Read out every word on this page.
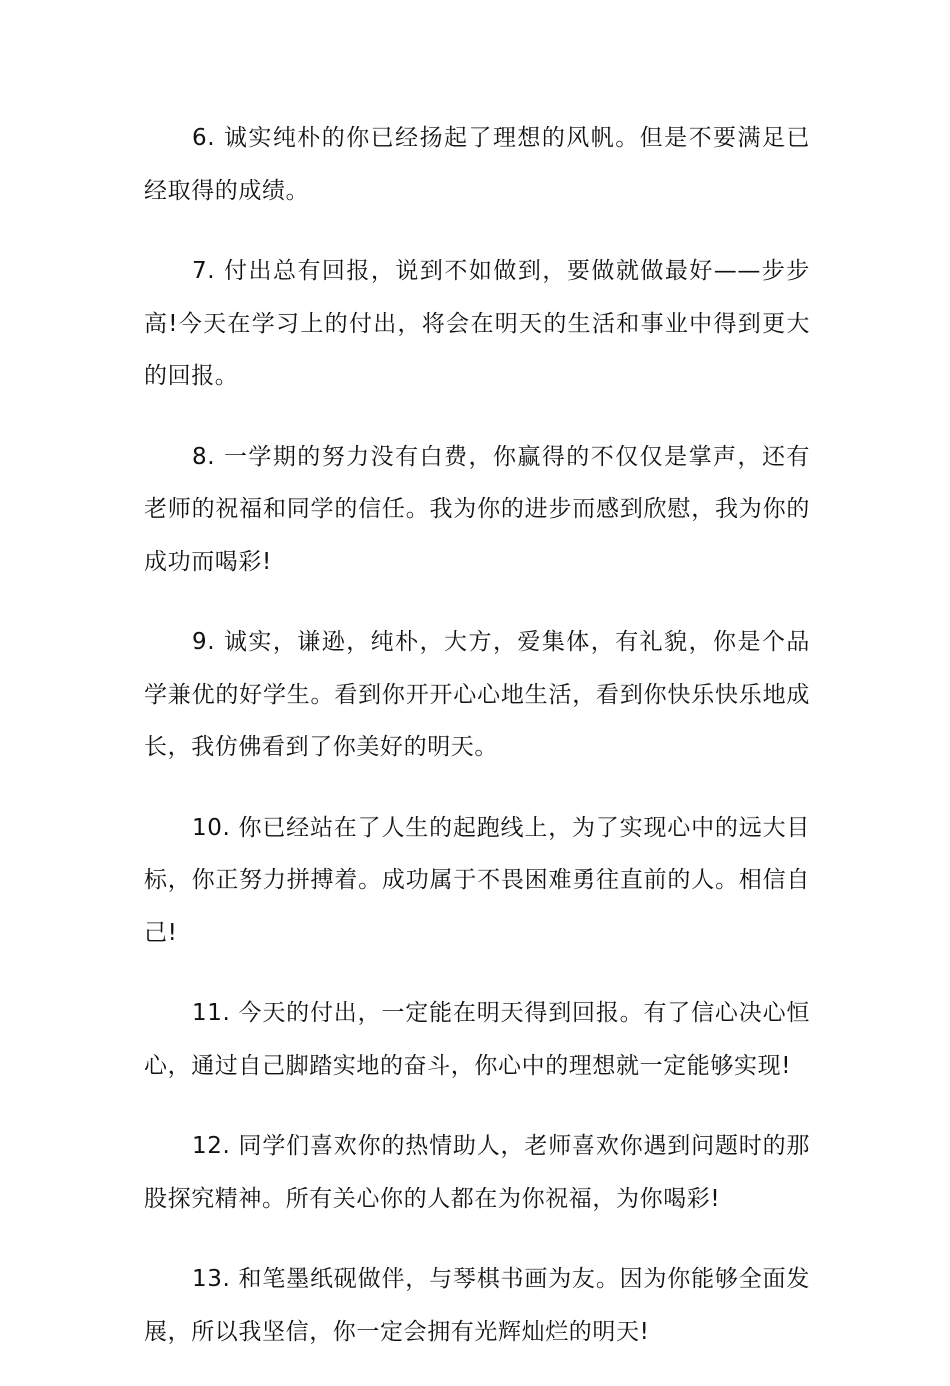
6. 诚实纯朴的你已经扬起了理想的风帆。但是不要满足已经取得的成绩。

7. 付出总有回报，说到不如做到，要做就做最好——步步高!今天在学习上的付出，将会在明天的生活和事业中得到更大的回报。

8. 一学期的努力没有白费，你赢得的不仅仅是掌声，还有老师的祝福和同学的信任。我为你的进步而感到欣慰，我为你的成功而喝彩!

9. 诚实，谦逊，纯朴，大方，爱集体，有礼貌，你是个品学兼优的好学生。看到你开开心心地生活，看到你快乐快乐地成长，我仿佛看到了你美好的明天。

10. 你已经站在了人生的起跑线上，为了实现心中的远大目标，你正努力拼搏着。成功属于不畏困难勇往直前的人。相信自己!

11. 今天的付出，一定能在明天得到回报。有了信心决心恒心，通过自己脚踏实地的奋斗，你心中的理想就一定能够实现!

12. 同学们喜欢你的热情助人，老师喜欢你遇到问题时的那股探究精神。所有关心你的人都在为你祝福，为你喝彩!

13. 和笔墨纸砚做伴，与琴棋书画为友。因为你能够全面发展，所以我坚信，你一定会拥有光辉灿烂的明天!
